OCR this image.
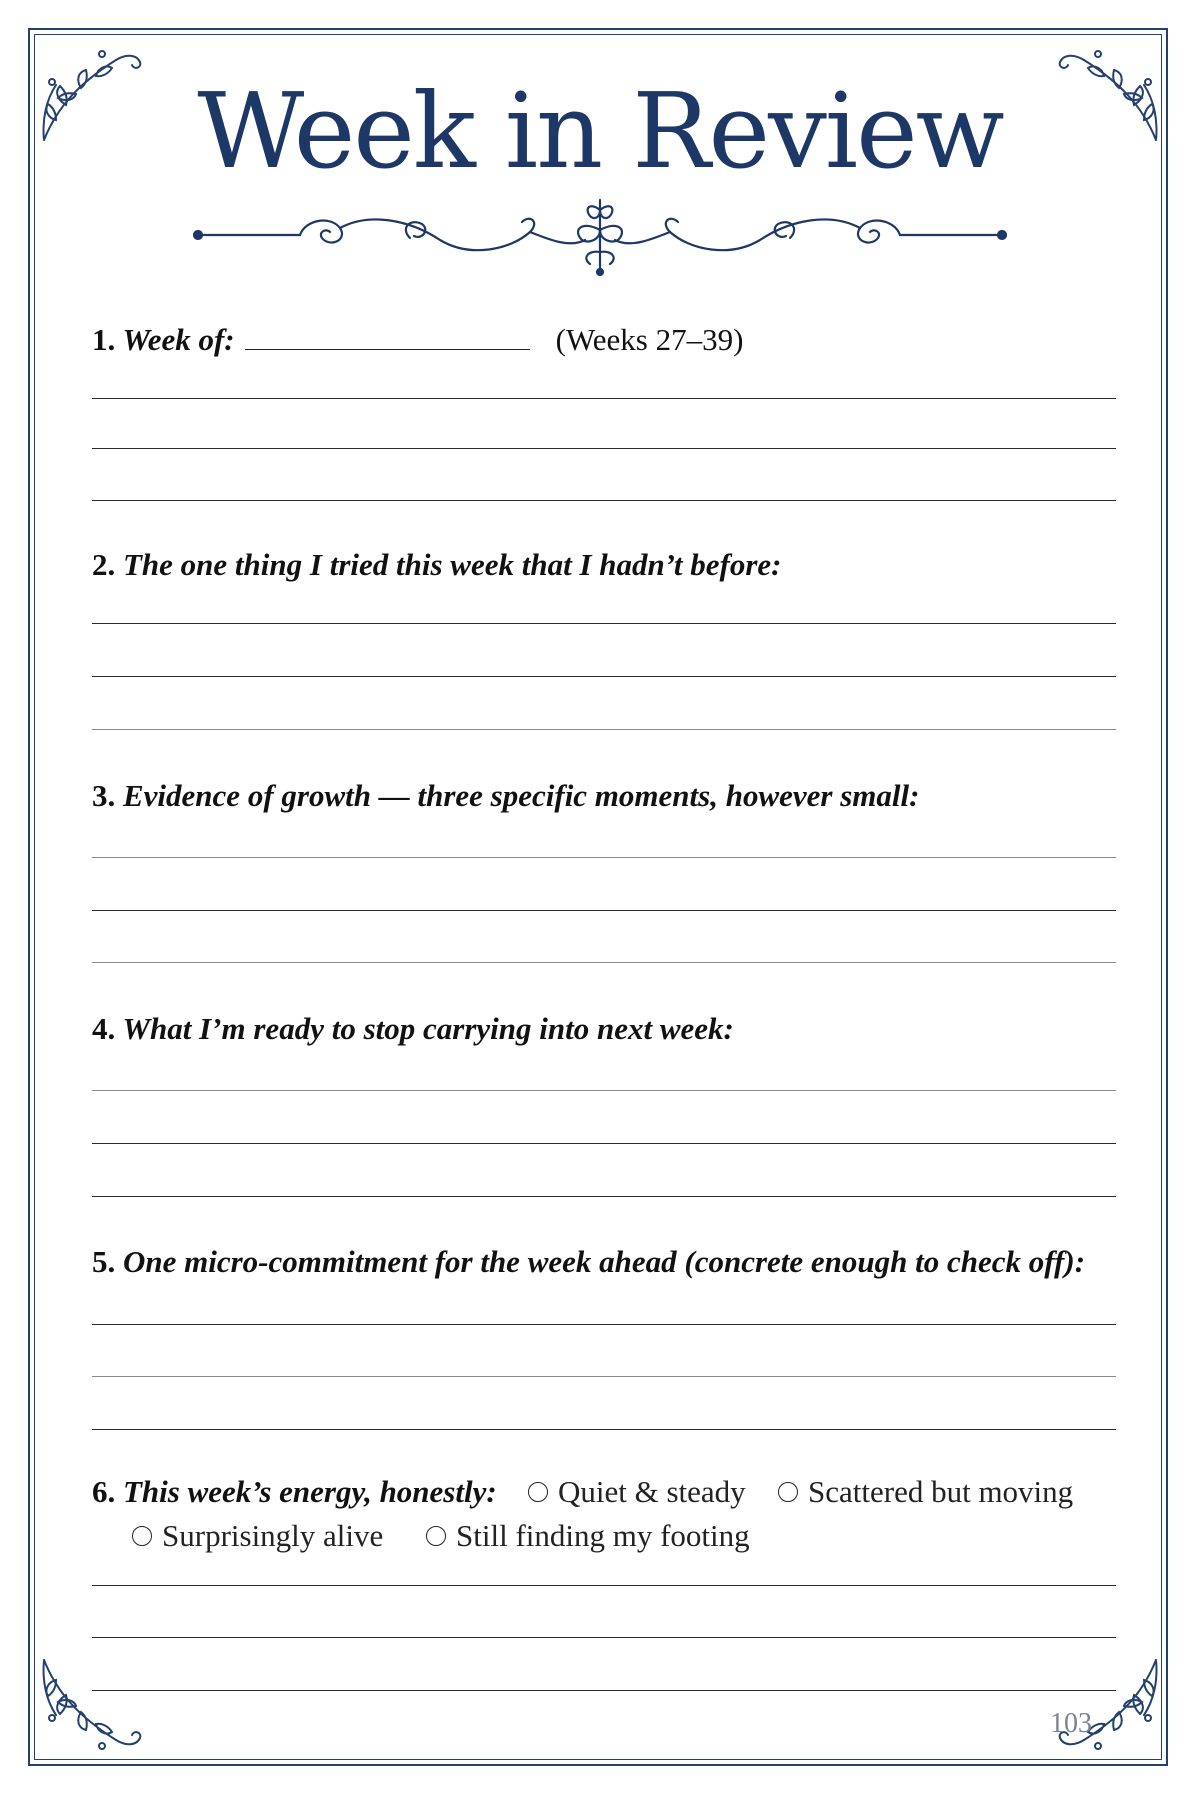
Week in Review
1. Week of:	(Weeks 27–39)
2. The one thing I tried this week that I hadn’t before:
3. Evidence of growth — three specific moments, however small:
4. What I’m ready to stop carrying into next week:
5. One micro-commitment for the week ahead (concrete enough to check off):
6. This week’s energy, honestly:	Quiet & steady	Scattered but moving
Surprisingly alive	Still finding my footing
103
